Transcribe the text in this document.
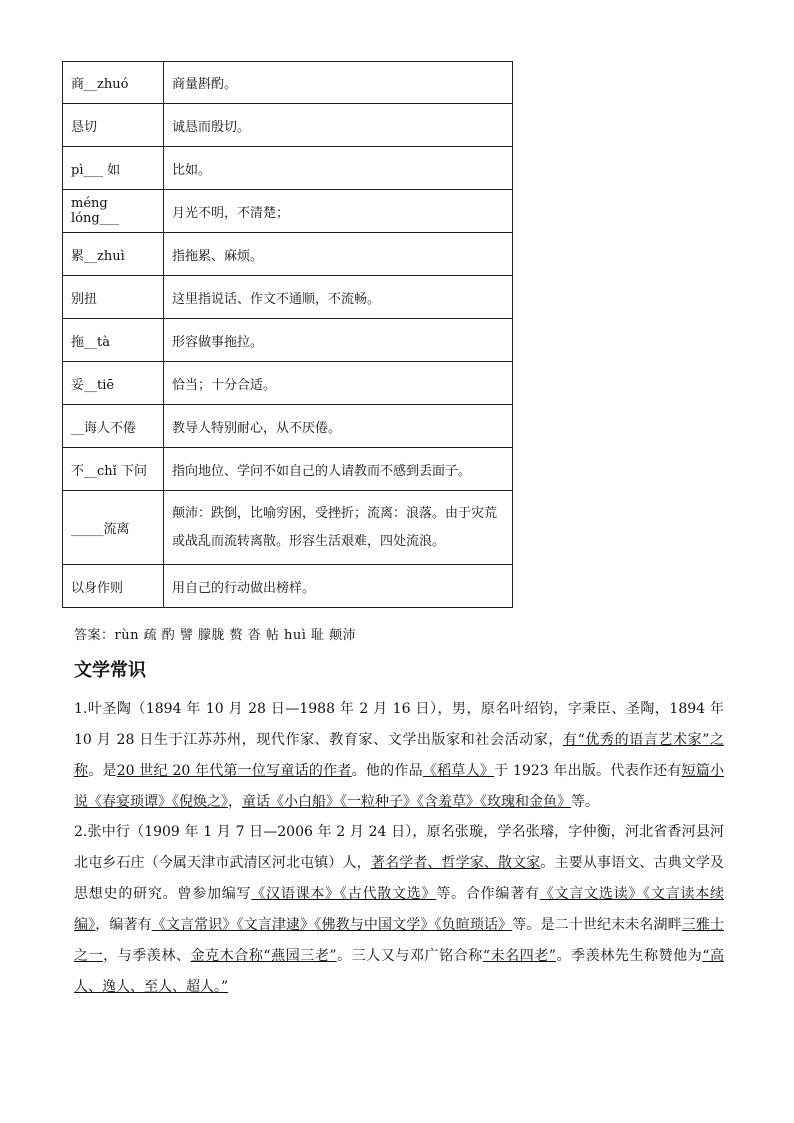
商__zhuó	商量斟酌。
恳切	诚恳而殷切。
pì___ 如	比如。
méng lóng___	月光不明，不清楚；
累__zhuì	指拖累、麻烦。
别扭	这里指说话、作文不通顺，不流畅。
拖__tà	形容做事拖拉。
妥__tiē	恰当；十分合适。
__诲人不倦	教导人特别耐心，从不厌倦。
不__chǐ 下问	指向地位、学问不如自己的人请教而不感到丢面子。
_____流离	颠沛：跌倒，比喻穷困，受挫折；流离：浪落。由于灾荒或战乱而流转离散。形容生活艰难，四处流浪。
以身作则	用自己的行动做出榜样。
答案：rùn 疏 酌 譬 朦胧 赘 沓 帖 huì 耻 颠沛
文学常识
1.叶圣陶（1894 年 10 月 28 日—1988 年 2 月 16 日），男，原名叶绍钧，字秉臣、圣陶，1894 年 10 月 28 日生于江苏苏州，现代作家、教育家、文学出版家和社会活动家，有“优秀的语言艺术家”之称。是20 世纪 20 年代第一位写童话的作者。他的作品《稻草人》于 1923 年出版。代表作还有短篇小说《春宴琐谭》《倪焕之》，童话《小白船》《一粒种子》《含羞草》《玫瑰和金鱼》等。
2.张中行（1909 年 1 月 7 日—2006 年 2 月 24 日），原名张璇，学名张璿，字仲衡，河北省香河县河北屯乡石庄（今属天津市武清区河北屯镇）人，著名学者、哲学家、散文家。主要从事语文、古典文学及思想史的研究。曾参加编写《汉语课本》《古代散文选》等。合作编著有《文言文选读》《文言读本续编》，编著有《文言常识》《文言津逮》《佛教与中国文学》《负暄琐话》等。是二十世纪末未名湖畔三雅士之一，与季羡林、金克木合称“燕园三老”。三人又与邓广铭合称“未名四老”。季羡林先生称赞他为“高人、逸人、至人、超人。”
